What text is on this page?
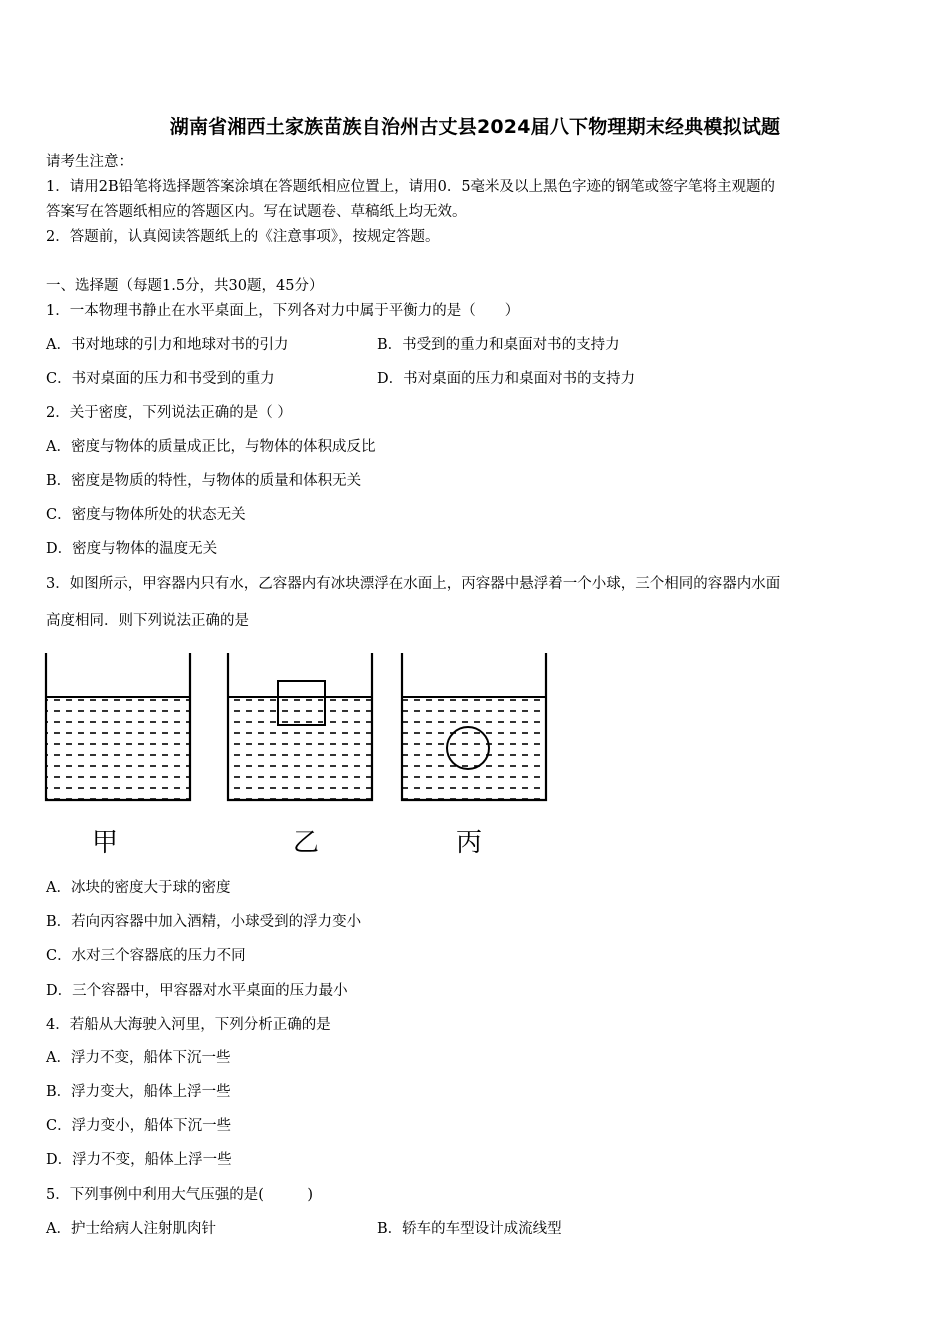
湖南省湘西土家族苗族自治州古丈县2024届八下物理期末经典模拟试题
请考生注意：
1．请用2B铅笔将选择题答案涂填在答题纸相应位置上，请用0．5毫米及以上黑色字迹的钢笔或签字笔将主观题的
答案写在答题纸相应的答题区内。写在试题卷、草稿纸上均无效。
2．答题前，认真阅读答题纸上的《注意事项》，按规定答题。
一、选择题（每题1.5分，共30题，45分）
1．一本物理书静止在水平桌面上，下列各对力中属于平衡力的是（　　）
A．书对地球的引力和地球对书的引力	B．书受到的重力和桌面对书的支持力
C．书对桌面的压力和书受到的重力	D．书对桌面的压力和桌面对书的支持力
2．关于密度，下列说法正确的是（ ）
A．密度与物体的质量成正比，与物体的体积成反比
B．密度是物质的特性，与物体的质量和体积无关
C．密度与物体所处的状态无关
D．密度与物体的温度无关
3．如图所示，甲容器内只有水，乙容器内有冰块漂浮在水面上，丙容器中悬浮着一个小球，三个相同的容器内水面
高度相同．则下列说法正确的是
甲	乙	丙
A．冰块的密度大于球的密度
B．若向丙容器中加入酒精，小球受到的浮力变小
C．水对三个容器底的压力不同
D．三个容器中，甲容器对水平桌面的压力最小
4．若船从大海驶入河里，下列分析正确的是
A．浮力不变，船体下沉一些
B．浮力变大，船体上浮一些
C．浮力变小，船体下沉一些
D．浮力不变，船体上浮一些
5．下列事例中利用大气压强的是(　　　)
A．护士给病人注射肌肉针	B．轿车的车型设计成流线型
